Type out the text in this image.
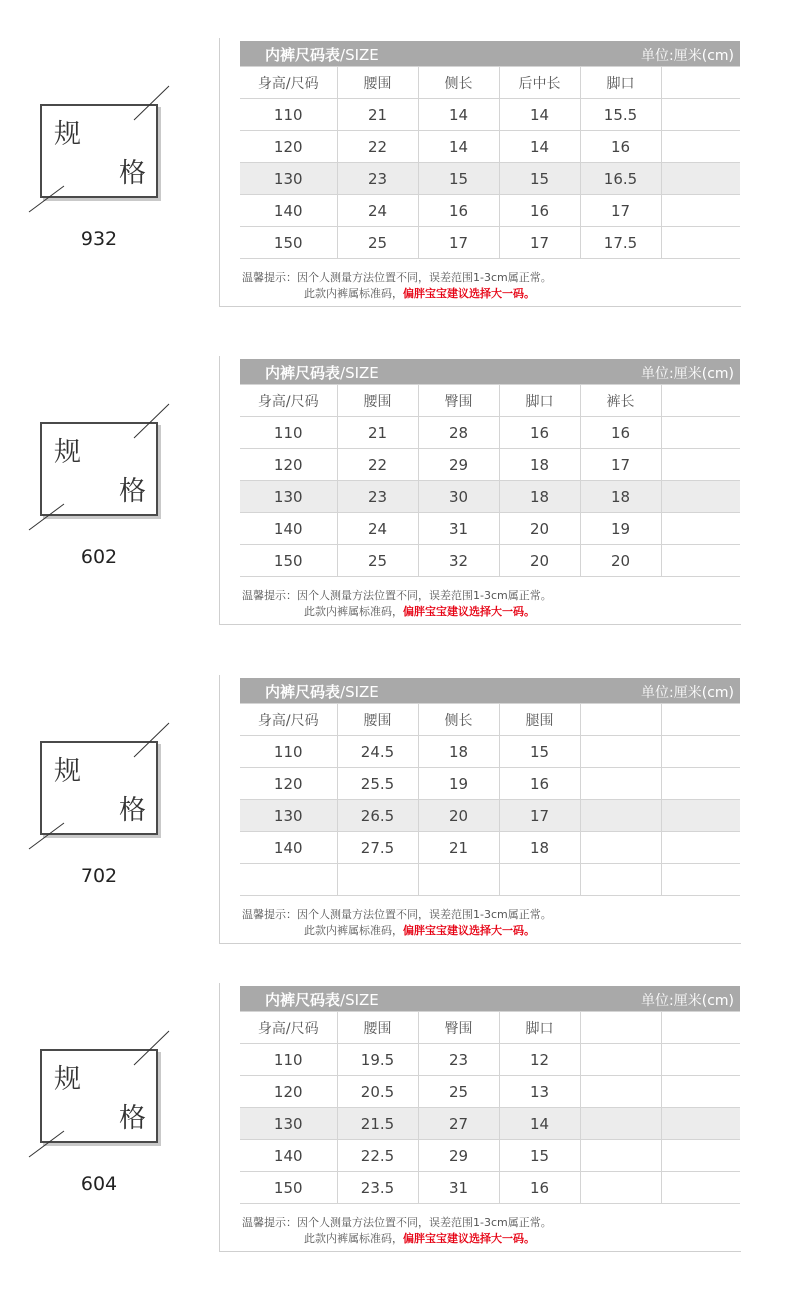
规
格
932
内裤尺码表/SIZE	单位:厘米(cm)
身高/尺码	腰围	侧长	后中长	脚口	
110	21	14	14	15.5	
120	22	14	14	16	
130	23	15	15	16.5	
140	24	16	16	17	
150	25	17	17	17.5	
温馨提示：因个人测量方法位置不同，误差范围1-3cm属正常。
此款内裤属标准码，偏胖宝宝建议选择大一码。
规
格
602
内裤尺码表/SIZE	单位:厘米(cm)
身高/尺码	腰围	臀围	脚口	裤长	
110	21	28	16	16	
120	22	29	18	17	
130	23	30	18	18	
140	24	31	20	19	
150	25	32	20	20	
温馨提示：因个人测量方法位置不同，误差范围1-3cm属正常。
此款内裤属标准码，偏胖宝宝建议选择大一码。
规
格
702
内裤尺码表/SIZE	单位:厘米(cm)
身高/尺码	腰围	侧长	腿围		
110	24.5	18	15		
120	25.5	19	16		
130	26.5	20	17		
140	27.5	21	18		

温馨提示：因个人测量方法位置不同，误差范围1-3cm属正常。
此款内裤属标准码，偏胖宝宝建议选择大一码。
规
格
604
内裤尺码表/SIZE	单位:厘米(cm)
身高/尺码	腰围	臀围	脚口		
110	19.5	23	12		
120	20.5	25	13		
130	21.5	27	14		
140	22.5	29	15		
150	23.5	31	16		
温馨提示：因个人测量方法位置不同，误差范围1-3cm属正常。
此款内裤属标准码，偏胖宝宝建议选择大一码。
